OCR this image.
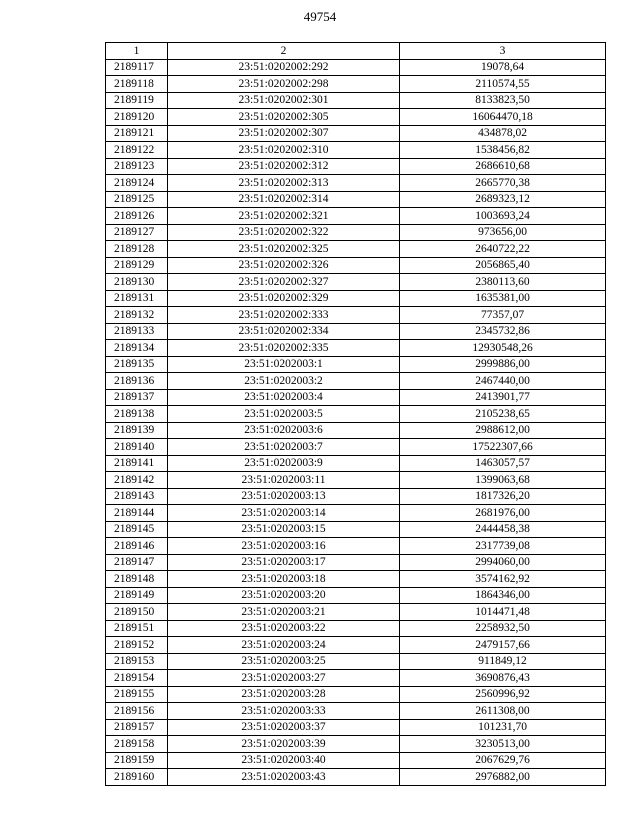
49754
1	2	3
2189117	23:51:0202002:292	19078,64
2189118	23:51:0202002:298	2110574,55
2189119	23:51:0202002:301	8133823,50
2189120	23:51:0202002:305	16064470,18
2189121	23:51:0202002:307	434878,02
2189122	23:51:0202002:310	1538456,82
2189123	23:51:0202002:312	2686610,68
2189124	23:51:0202002:313	2665770,38
2189125	23:51:0202002:314	2689323,12
2189126	23:51:0202002:321	1003693,24
2189127	23:51:0202002:322	973656,00
2189128	23:51:0202002:325	2640722,22
2189129	23:51:0202002:326	2056865,40
2189130	23:51:0202002:327	2380113,60
2189131	23:51:0202002:329	1635381,00
2189132	23:51:0202002:333	77357,07
2189133	23:51:0202002:334	2345732,86
2189134	23:51:0202002:335	12930548,26
2189135	23:51:0202003:1	2999886,00
2189136	23:51:0202003:2	2467440,00
2189137	23:51:0202003:4	2413901,77
2189138	23:51:0202003:5	2105238,65
2189139	23:51:0202003:6	2988612,00
2189140	23:51:0202003:7	17522307,66
2189141	23:51:0202003:9	1463057,57
2189142	23:51:0202003:11	1399063,68
2189143	23:51:0202003:13	1817326,20
2189144	23:51:0202003:14	2681976,00
2189145	23:51:0202003:15	2444458,38
2189146	23:51:0202003:16	2317739,08
2189147	23:51:0202003:17	2994060,00
2189148	23:51:0202003:18	3574162,92
2189149	23:51:0202003:20	1864346,00
2189150	23:51:0202003:21	1014471,48
2189151	23:51:0202003:22	2258932,50
2189152	23:51:0202003:24	2479157,66
2189153	23:51:0202003:25	911849,12
2189154	23:51:0202003:27	3690876,43
2189155	23:51:0202003:28	2560996,92
2189156	23:51:0202003:33	2611308,00
2189157	23:51:0202003:37	101231,70
2189158	23:51:0202003:39	3230513,00
2189159	23:51:0202003:40	2067629,76
2189160	23:51:0202003:43	2976882,00
